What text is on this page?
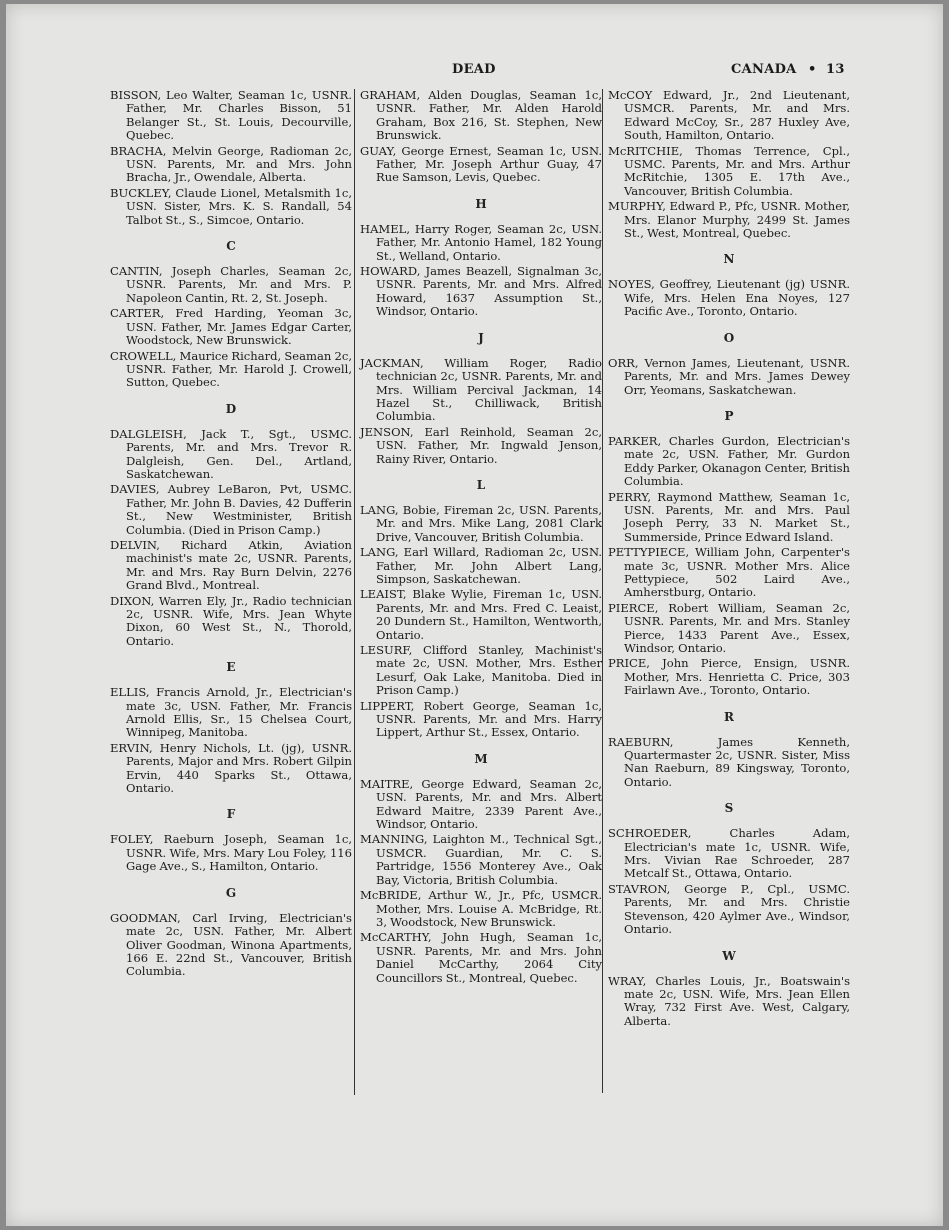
DEAD	CANADA • 13

BISSON, Leo Walter, Seaman 1c, USNR. Father, Mr. Charles Bisson, 51 Belanger St., St. Louis, Decourville, Quebec.

BRACHA, Melvin George, Radioman 2c, USN. Parents, Mr. and Mrs. John Bracha, Jr., Owendale, Alberta.

BUCKLEY, Claude Lionel, Metalsmith 1c, USN. Sister, Mrs. K. S. Randall, 54 Talbot St., S., Simcoe, Ontario.

C

CANTIN, Joseph Charles, Seaman 2c, USNR. Parents, Mr. and Mrs. P. Napoleon Cantin, Rt. 2, St. Joseph.

CARTER, Fred Harding, Yeoman 3c, USN. Father, Mr. James Edgar Carter, Woodstock, New Brunswick.

CROWELL, Maurice Richard, Seaman 2c, USNR. Father, Mr. Harold J. Crowell, Sutton, Quebec.

D

DALGLEISH, Jack T., Sgt., USMC. Parents, Mr. and Mrs. Trevor R. Dalgleish, Gen. Del., Artland, Saskatchewan.

DAVIES, Aubrey LeBaron, Pvt, USMC. Father, Mr. John B. Davies, 42 Dufferin St., New Westminister, British Columbia. (Died in Prison Camp.)

DELVIN, Richard Atkin, Aviation machinist's mate 2c, USNR. Parents, Mr. and Mrs. Ray Burn Delvin, 2276 Grand Blvd., Montreal.

DIXON, Warren Ely, Jr., Radio technician 2c, USNR. Wife, Mrs. Jean Whyte Dixon, 60 West St., N., Thorold, Ontario.

E

ELLIS, Francis Arnold, Jr., Electrician's mate 3c, USN. Father, Mr. Francis Arnold Ellis, Sr., 15 Chelsea Court, Winnipeg, Manitoba.

ERVIN, Henry Nichols, Lt. (jg), USNR. Parents, Major and Mrs. Robert Gilpin Ervin, 440 Sparks St., Ottawa, Ontario.

F

FOLEY, Raeburn Joseph, Seaman 1c, USNR. Wife, Mrs. Mary Lou Foley, 116 Gage Ave., S., Hamilton, Ontario.

G

GOODMAN, Carl Irving, Electrician's mate 2c, USN. Father, Mr. Albert Oliver Goodman, Winona Apartments, 166 E. 22nd St., Vancouver, British Columbia.

GRAHAM, Alden Douglas, Seaman 1c, USNR. Father, Mr. Alden Harold Graham, Box 216, St. Stephen, New Brunswick.

GUAY, George Ernest, Seaman 1c, USN. Father, Mr. Joseph Arthur Guay, 47 Rue Samson, Levis, Quebec.

H

HAMEL, Harry Roger, Seaman 2c, USN. Father, Mr. Antonio Hamel, 182 Young St., Welland, Ontario.

HOWARD, James Beazell, Signalman 3c, USNR. Parents, Mr. and Mrs. Alfred Howard, 1637 Assumption St., Windsor, Ontario.

J

JACKMAN, William Roger, Radio technician 2c, USNR. Parents, Mr. and Mrs. William Percival Jackman, 14 Hazel St., Chilliwack, British Columbia.

JENSON, Earl Reinhold, Seaman 2c, USN. Father, Mr. Ingwald Jenson, Rainy River, Ontario.

L

LANG, Bobie, Fireman 2c, USN. Parents, Mr. and Mrs. Mike Lang, 2081 Clark Drive, Vancouver, British Columbia.

LANG, Earl Willard, Radioman 2c, USN. Father, Mr. John Albert Lang, Simpson, Saskatchewan.

LEAIST, Blake Wylie, Fireman 1c, USN. Parents, Mr. and Mrs. Fred C. Leaist, 20 Dundern St., Hamilton, Wentworth, Ontario.

LESURF, Clifford Stanley, Machinist's mate 2c, USN. Mother, Mrs. Esther Lesurf, Oak Lake, Manitoba. Died in Prison Camp.)

LIPPERT, Robert George, Seaman 1c, USNR. Parents, Mr. and Mrs. Harry Lippert, Arthur St., Essex, Ontario.

M

MAITRE, George Edward, Seaman 2c, USN. Parents, Mr. and Mrs. Albert Edward Maitre, 2339 Parent Ave., Windsor, Ontario.

MANNING, Laighton M., Technical Sgt., USMCR. Guardian, Mr. C. S. Partridge, 1556 Monterey Ave., Oak Bay, Victoria, British Columbia.

McBRIDE, Arthur W., Jr., Pfc, USMCR. Mother, Mrs. Louise A. McBridge, Rt. 3, Woodstock, New Brunswick.

McCARTHY, John Hugh, Seaman 1c, USNR. Parents, Mr. and Mrs. John Daniel McCarthy, 2064 City Councillors St., Montreal, Quebec.

McCOY Edward, Jr., 2nd Lieutenant, USMCR. Parents, Mr. and Mrs. Edward McCoy, Sr., 287 Huxley Ave, South, Hamilton, Ontario.

McRITCHIE, Thomas Terrence, Cpl., USMC. Parents, Mr. and Mrs. Arthur McRitchie, 1305 E. 17th Ave., Vancouver, British Columbia.

MURPHY, Edward P., Pfc, USNR. Mother, Mrs. Elanor Murphy, 2499 St. James St., West, Montreal, Quebec.

N

NOYES, Geoffrey, Lieutenant (jg) USNR. Wife, Mrs. Helen Ena Noyes, 127 Pacific Ave., Toronto, Ontario.

O

ORR, Vernon James, Lieutenant, USNR. Parents, Mr. and Mrs. James Dewey Orr, Yeomans, Saskatchewan.

P

PARKER, Charles Gurdon, Electrician's mate 2c, USN. Father, Mr. Gurdon Eddy Parker, Okanagon Center, British Columbia.

PERRY, Raymond Matthew, Seaman 1c, USN. Parents, Mr. and Mrs. Paul Joseph Perry, 33 N. Market St., Summerside, Prince Edward Island.

PETTYPIECE, William John, Carpenter's mate 3c, USNR. Mother Mrs. Alice Pettypiece, 502 Laird Ave., Amherstburg, Ontario.

PIERCE, Robert William, Seaman 2c, USNR. Parents, Mr. and Mrs. Stanley Pierce, 1433 Parent Ave., Essex, Windsor, Ontario.

PRICE, John Pierce, Ensign, USNR. Mother, Mrs. Henrietta C. Price, 303 Fairlawn Ave., Toronto, Ontario.

R

RAEBURN, James Kenneth, Quartermaster 2c, USNR. Sister, Miss Nan Raeburn, 89 Kingsway, Toronto, Ontario.

S

SCHROEDER, Charles Adam, Electrician's mate 1c, USNR. Wife, Mrs. Vivian Rae Schroeder, 287 Metcalf St., Ottawa, Ontario.

STAVRON, George P., Cpl., USMC. Parents, Mr. and Mrs. Christie Stevenson, 420 Aylmer Ave., Windsor, Ontario.

W

WRAY, Charles Louis, Jr., Boatswain's mate 2c, USN. Wife, Mrs. Jean Ellen Wray, 732 First Ave. West, Calgary, Alberta.
